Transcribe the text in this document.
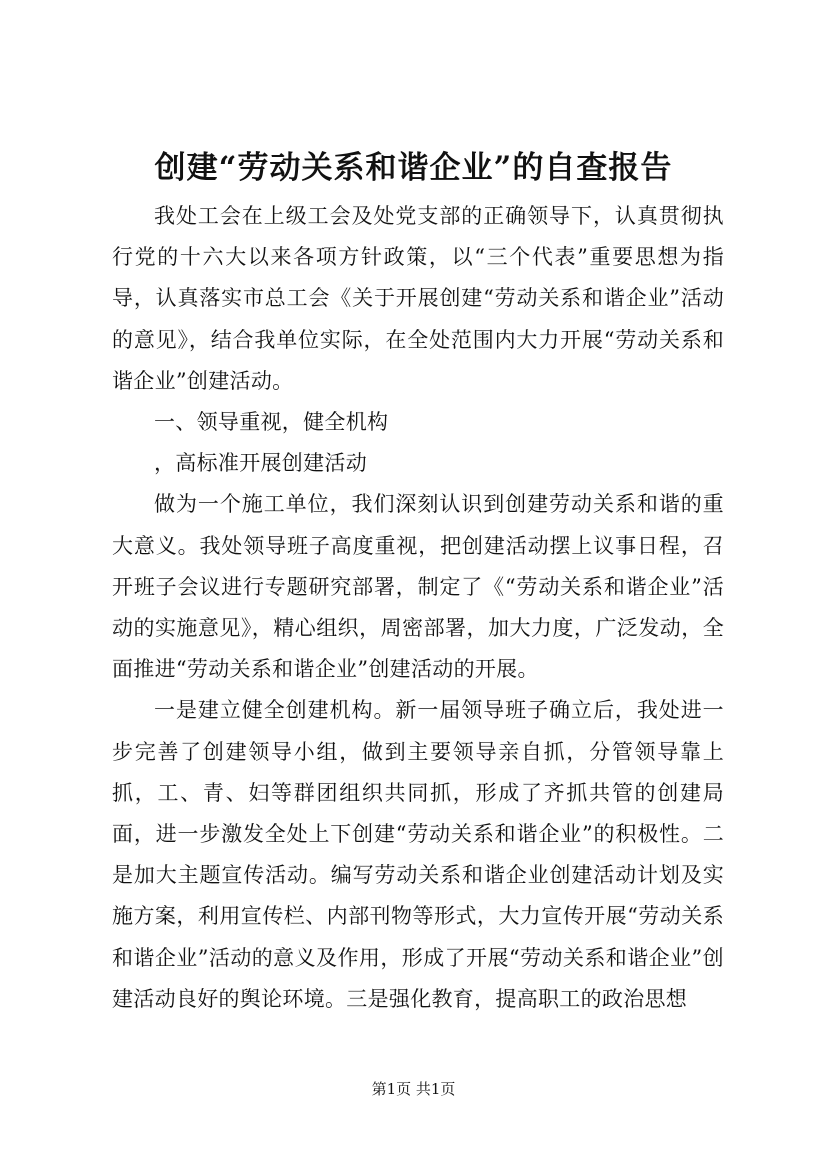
创建“劳动关系和谐企业”的自查报告

我处工会在上级工会及处党支部的正确领导下，认真贯彻执行党的十六大以来各项方针政策，以“三个代表”重要思想为指导，认真落实市总工会《关于开展创建“劳动关系和谐企业”活动的意见》，结合我单位实际，在全处范围内大力开展“劳动关系和谐企业”创建活动。

一、领导重视，健全机构

，高标准开展创建活动

做为一个施工单位，我们深刻认识到创建劳动关系和谐的重大意义。我处领导班子高度重视，把创建活动摆上议事日程，召开班子会议进行专题研究部署，制定了《“劳动关系和谐企业”活动的实施意见》，精心组织，周密部署，加大力度，广泛发动，全面推进“劳动关系和谐企业”创建活动的开展。

一是建立健全创建机构。新一届领导班子确立后，我处进一步完善了创建领导小组，做到主要领导亲自抓，分管领导靠上抓，工、青、妇等群团组织共同抓，形成了齐抓共管的创建局面，进一步激发全处上下创建“劳动关系和谐企业”的积极性。二是加大主题宣传活动。编写劳动关系和谐企业创建活动计划及实施方案，利用宣传栏、内部刊物等形式，大力宣传开展“劳动关系和谐企业”活动的意义及作用，形成了开展“劳动关系和谐企业”创建活动良好的舆论环境。三是强化教育，提高职工的政治思想

第1页 共1页
